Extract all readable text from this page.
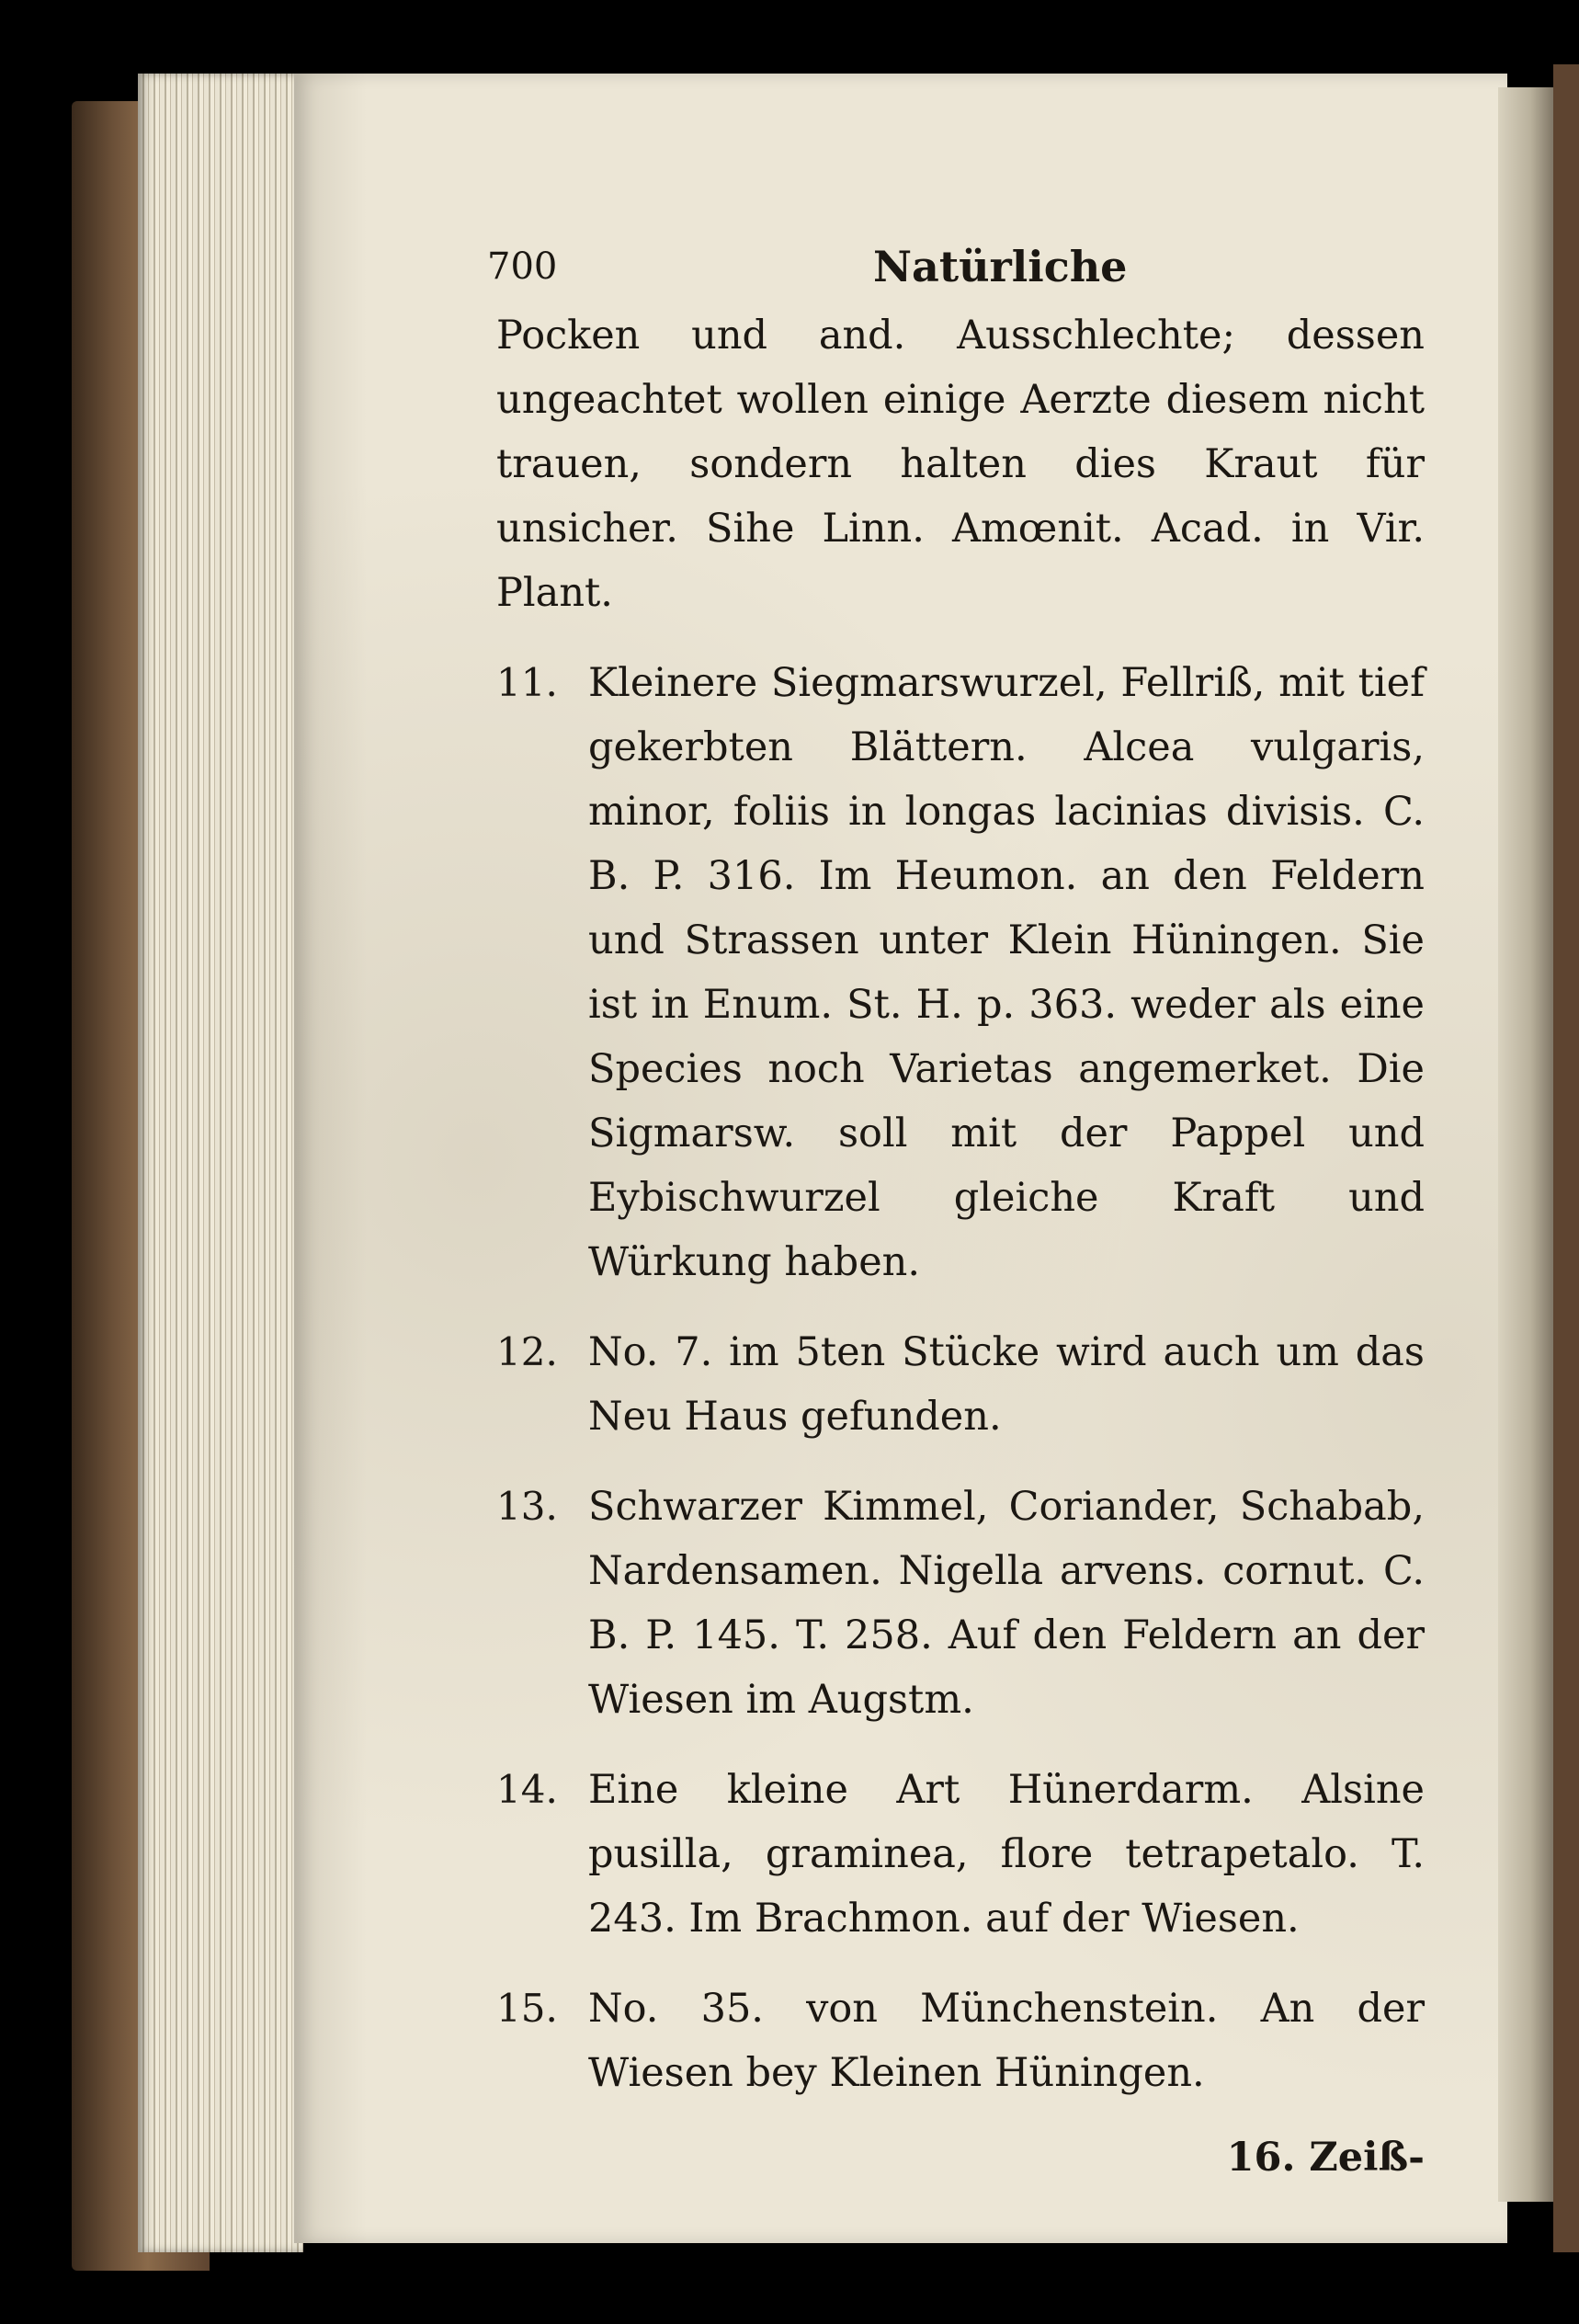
700	Natürliche
Pocken und and. Ausschlechte; dessen ungeachtet wollen einige Aerzte diesem nicht trauen, sondern halten dies Kraut für unsicher. Sihe Linn. Amœnit. Acad. in Vir. Plant.
11. Kleinere Siegmarswurzel, Fellriß, mit tief gekerbten Blättern. Alcea vulgaris, minor, foliis in longas lacinias divisis. C. B. P. 316. Im Heumon. an den Feldern und Strassen unter Klein Hüningen. Sie ist in Enum. St. H. p. 363. weder als eine Species noch Varietas angemerket. Die Sigmarsw. soll mit der Pappel und Eybischwurzel gleiche Kraft und Würkung haben.
12. No. 7. im 5ten Stücke wird auch um das Neu Haus gefunden.
13. Schwarzer Kimmel, Coriander, Schabab, Nardensamen. Nigella arvens. cornut. C. B. P. 145. T. 258. Auf den Feldern an der Wiesen im Augstm.
14. Eine kleine Art Hünerdarm. Alsine pusilla, graminea, flore tetrapetalo. T. 243. Im Brachmon. auf der Wiesen.
15. No. 35. von Münchenstein. An der Wiesen bey Kleinen Hüningen.
16. Zeiß-
